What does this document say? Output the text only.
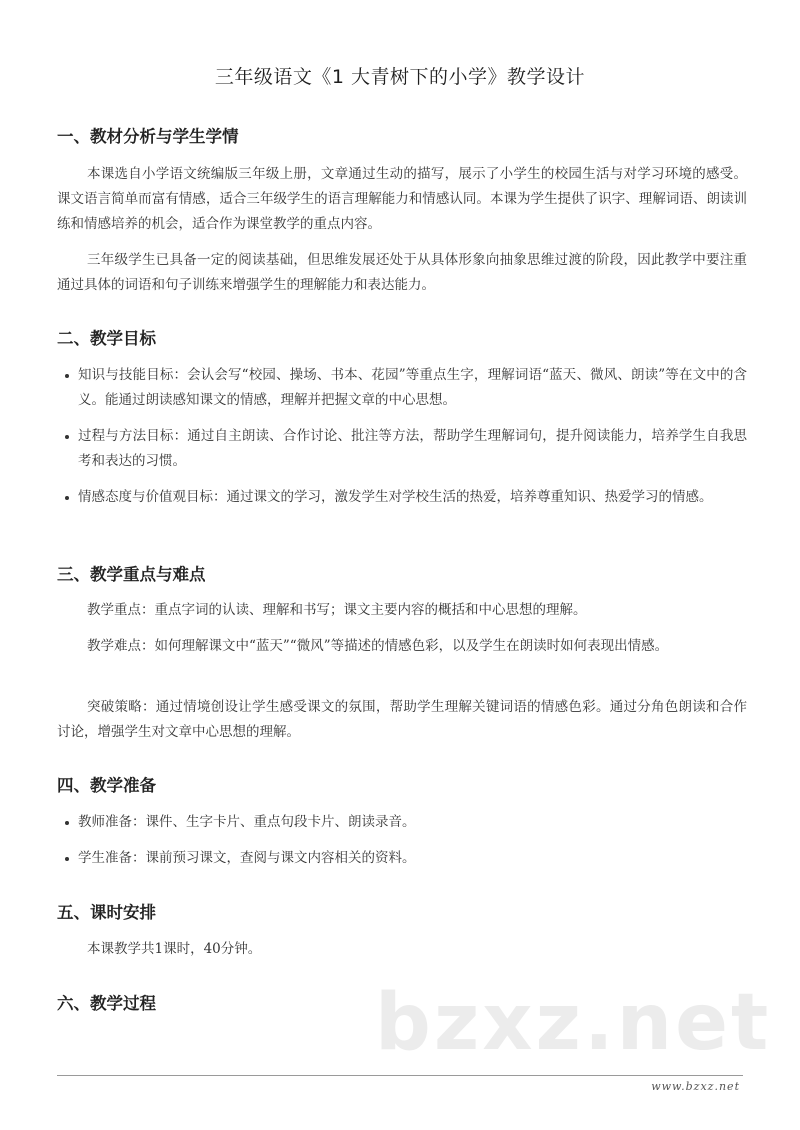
三年级语文《1 大青树下的小学》教学设计
一、教材分析与学生学情
本课选自小学语文统编版三年级上册，文章通过生动的描写，展示了小学生的校园生活与对学习环境的感受。课文语言简单而富有情感，适合三年级学生的语言理解能力和情感认同。本课为学生提供了识字、理解词语、朗读训练和情感培养的机会，适合作为课堂教学的重点内容。
三年级学生已具备一定的阅读基础，但思维发展还处于从具体形象向抽象思维过渡的阶段，因此教学中要注重通过具体的词语和句子训练来增强学生的理解能力和表达能力。
二、教学目标
知识与技能目标：会认会写“校园、操场、书本、花园”等重点生字，理解词语“蓝天、微风、朗读”等在文中的含义。能通过朗读感知课文的情感，理解并把握文章的中心思想。
过程与方法目标：通过自主朗读、合作讨论、批注等方法，帮助学生理解词句，提升阅读能力，培养学生自我思考和表达的习惯。
情感态度与价值观目标：通过课文的学习，激发学生对学校生活的热爱，培养尊重知识、热爱学习的情感。
三、教学重点与难点
教学重点：重点字词的认读、理解和书写；课文主要内容的概括和中心思想的理解。
教学难点：如何理解课文中“蓝天”“微风”等描述的情感色彩，以及学生在朗读时如何表现出情感。
突破策略：通过情境创设让学生感受课文的氛围，帮助学生理解关键词语的情感色彩。通过分角色朗读和合作讨论，增强学生对文章中心思想的理解。
四、教学准备
教师准备：课件、生字卡片、重点句段卡片、朗读录音。
学生准备：课前预习课文，查阅与课文内容相关的资料。
五、课时安排
本课教学共1课时，40分钟。
六、教学过程	bzxz.net
www.bzxz.net
